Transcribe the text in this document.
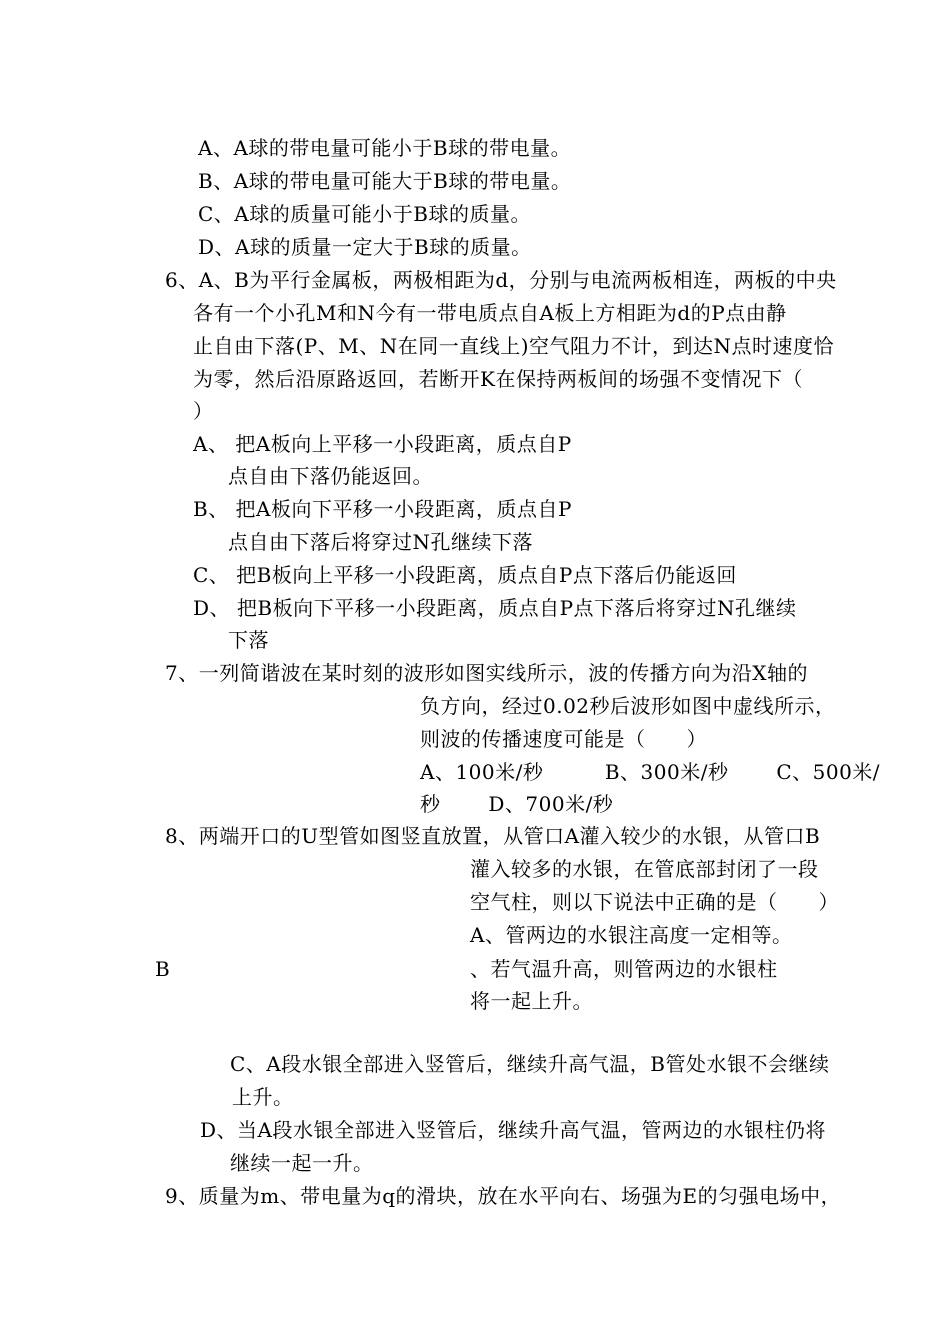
A、A球的带电量可能小于B球的带电量。
B、A球的带电量可能大于B球的带电量。
C、A球的质量可能小于B球的质量。
D、A球的质量一定大于B球的质量。
6、A、B为平行金属板，两极相距为d，分别与电流两板相连，两板的中央
各有一个小孔M和N今有一带电质点自A板上方相距为d的P点由静
止自由下落(P、M、N在同一直线上)空气阻力不计，到达N点时速度恰
为零，然后沿原路返回，若断开K在保持两板间的场强不变情况下（
）
A、 把A板向上平移一小段距离，质点自P
点自由下落仍能返回。
B、 把A板向下平移一小段距离，质点自P
点自由下落后将穿过N孔继续下落
C、 把B板向上平移一小段距离，质点自P点下落后仍能返回
D、 把B板向下平移一小段距离，质点自P点下落后将穿过N孔继续
下落
7、一列简谐波在某时刻的波形如图实线所示，波的传播方向为沿X轴的
负方向，经过0.02秒后波形如图中虚线所示，
则波的传播速度可能是（　　）
A、100米/秒　　　B、300米/秒　　 C、500米/
秒　　 D、700米/秒
8、两端开口的U型管如图竖直放置，从管口A灌入较少的水银，从管口B
灌入较多的水银，在管底部封闭了一段
空气柱，则以下说法中正确的是（　　）
A、管两边的水银注高度一定相等。
B	、若气温升高，则管两边的水银柱
将一起上升。
C、A段水银全部进入竖管后，继续升高气温，B管处水银不会继续
上升。
D、当A段水银全部进入竖管后，继续升高气温，管两边的水银柱仍将
继续一起一升。
9、质量为m、带电量为q的滑块，放在水平向右、场强为E的匀强电场中，
